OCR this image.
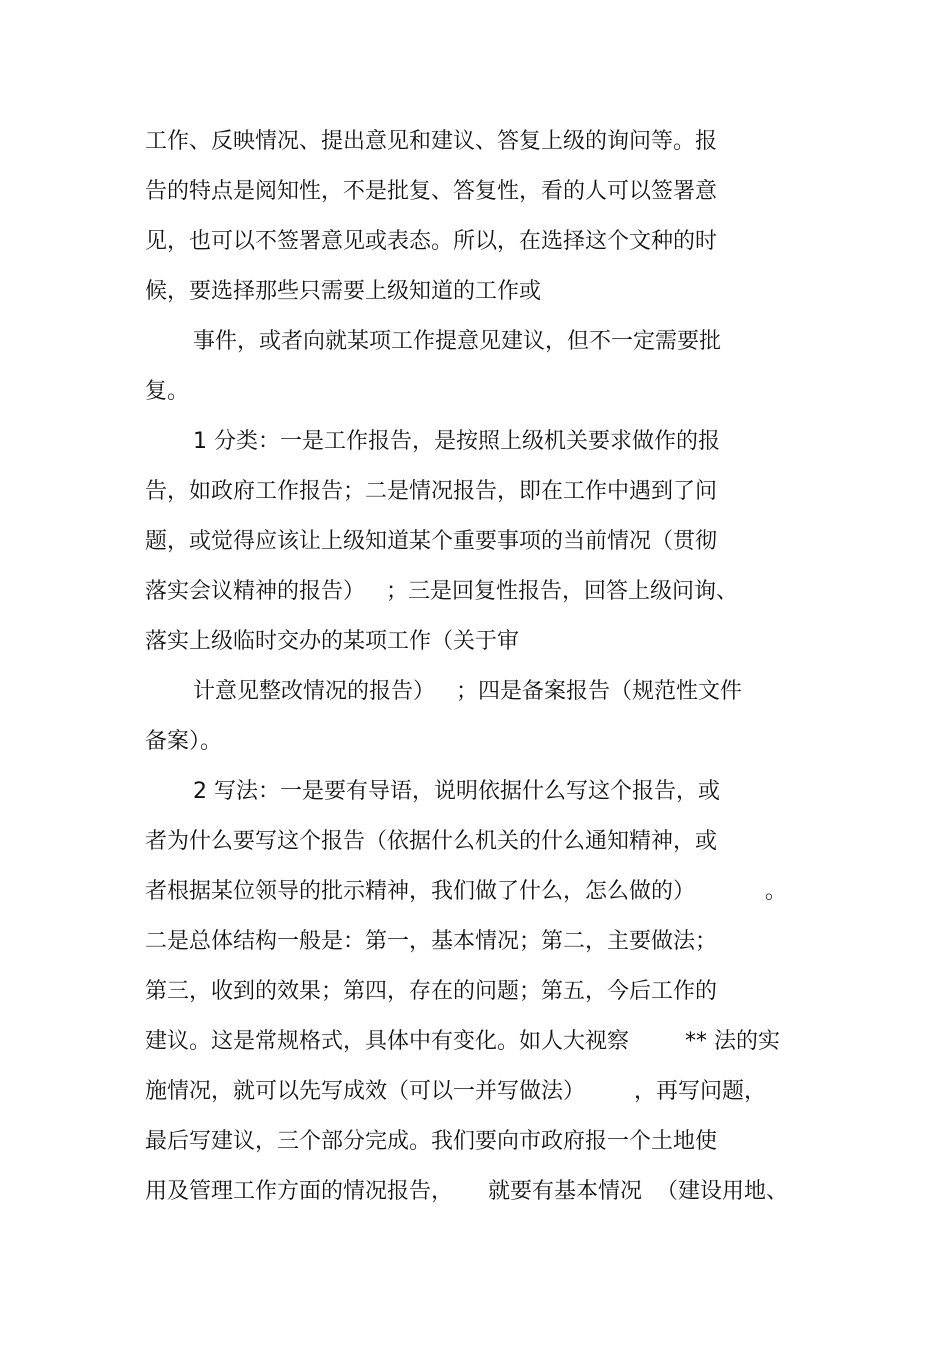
工作、反映情况、提出意见和建议、答复上级的询问等。报
告的特点是阅知性，不是批复、答复性，看的人可以签署意
见，也可以不签署意见或表态。所以，在选择这个文种的时
候，要选择那些只需要上级知道的工作或
事件，或者向就某项工作提意见建议，但不一定需要批
复。
1 分类：一是工作报告，是按照上级机关要求做作的报
告，如政府工作报告；二是情况报告，即在工作中遇到了问
题，或觉得应该让上级知道某个重要事项的当前情况（贯彻
落实会议精神的报告）   ；三是回复性报告，回答上级问询、
落实上级临时交办的某项工作（关于审
计意见整改情况的报告）   ；四是备案报告（规范性文件
备案）。
2 写法：一是要有导语，说明依据什么写这个报告，或
者为什么要写这个报告（依据什么机关的什么通知精神，或
者根据某位领导的批示精神，我们做了什么，怎么做的）          。
二是总体结构一般是：第一，基本情况；第二，主要做法；
第三，收到的效果；第四，存在的问题；第五，今后工作的
建议。这是常规格式，具体中有变化。如人大视察        ** 法的实
施情况，就可以先写成效（可以一并写做法）       ，再写问题，
最后写建议，三个部分完成。我们要向市政府报一个土地使
用及管理工作方面的情况报告，     就要有基本情况  （建设用地、
